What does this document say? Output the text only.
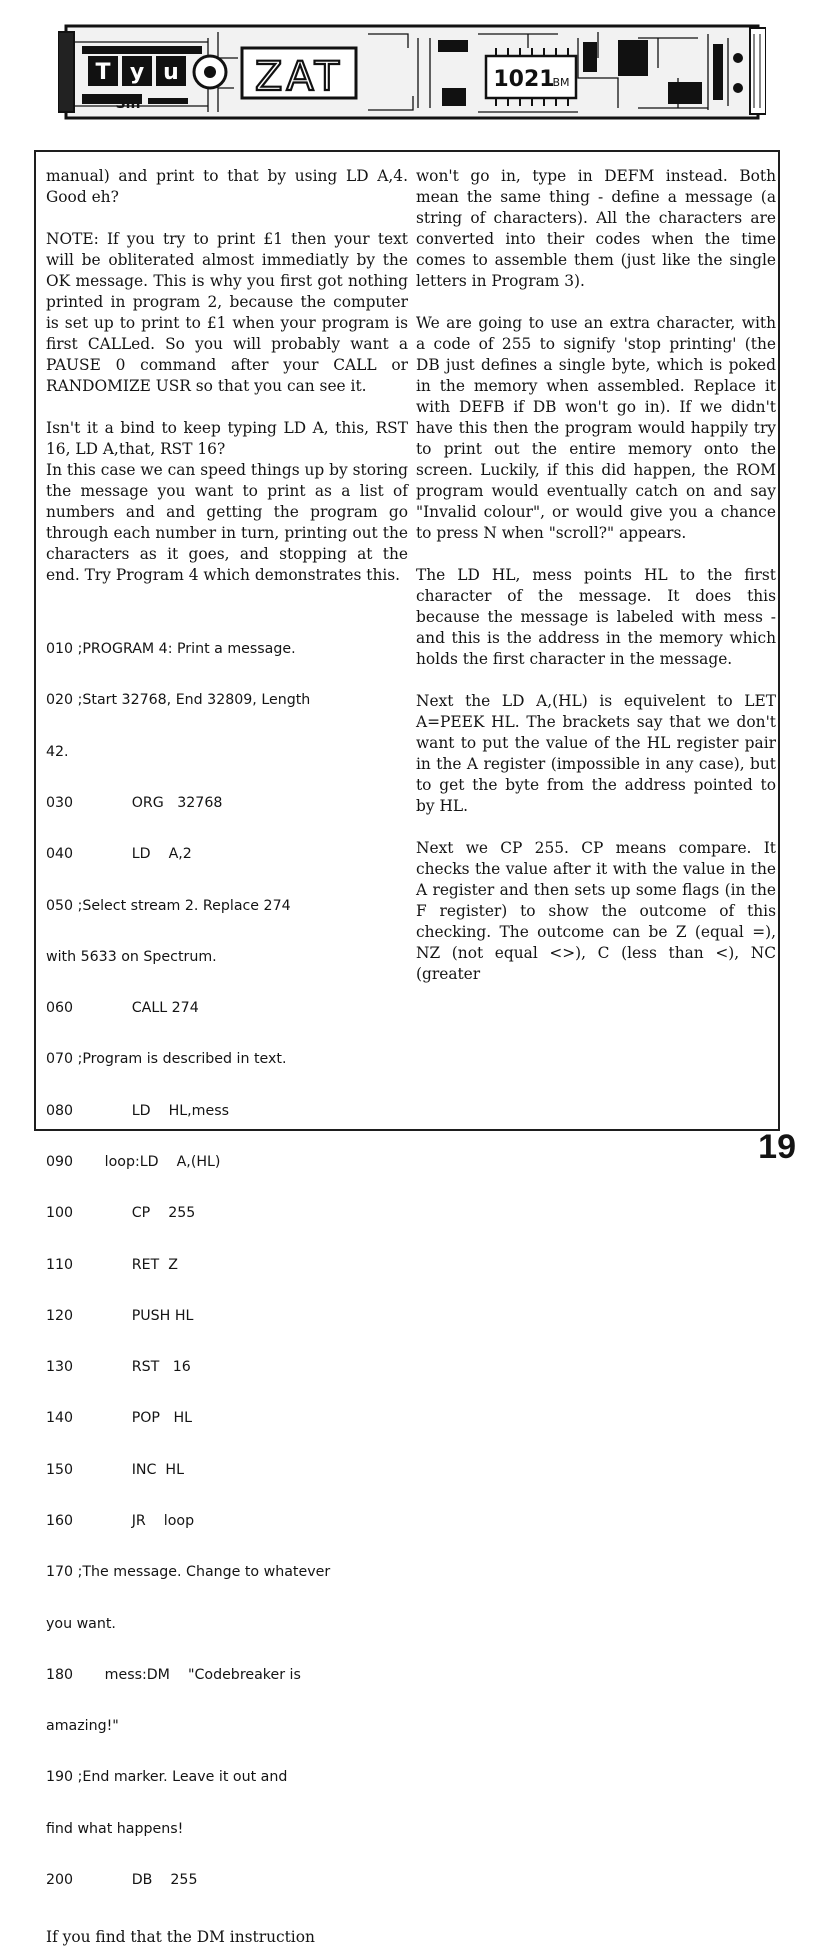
T y u
Sin
ZAT	1021
BM

manual) and print to that by using LD A,4. Good eh?

NOTE: If you try to print £1 then your text will be obliterated almost immediatly by the OK message. This is why you first got nothing printed in program 2, because the computer is set up to print to £1 when your program is first CALLed. So you will probably want a PAUSE 0 command after your CALL or RANDOMIZE USR so that you can see it.

Isn't it a bind to keep typing LD A, this, RST 16, LD A,that, RST 16?

In this case we can speed things up by storing the message you want to print as a list of numbers and and getting the program go through each number in turn, printing out the characters as it goes, and stopping at the end. Try Program 4 which demonstrates this.

010 ;PROGRAM 4: Print a message.

020 ;Start 32768, End 32809, Length

42.

030             ORG   32768

040             LD    A,2

050 ;Select stream 2. Replace 274

with 5633 on Spectrum.

060             CALL 274

070 ;Program is described in text.

080             LD    HL,mess

090       loop:LD    A,(HL)

100             CP    255

110             RET  Z

120             PUSH HL

130             RST   16

140             POP   HL

150             INC  HL

160             JR    loop

170 ;The message. Change to whatever

you want.

180       mess:DM    "Codebreaker is

amazing!"

190 ;End marker. Leave it out and

find what happens!

200             DB    255

If you find that the DM instruction

won't go in, type in DEFM instead. Both mean the same thing - define a message (a string of characters). All the characters are converted into their codes when the time comes to assemble them (just like the single letters in Program 3).

We are going to use an extra character, with a code of 255 to signify 'stop printing' (the DB just defines a single byte, which is poked in the memory when assembled. Replace it with DEFB if DB won't go in). If we didn't have this then the program would happily try to print out the entire memory onto the screen. Luckily, if this did happen, the ROM program would eventually catch on and say "Invalid colour", or would give you a chance to press N when "scroll?" appears.

The LD HL, mess points HL to the first character of the message. It does this because the message is labeled with mess - and this is the address in the memory which holds the first character in the message.

Next the LD A,(HL) is equivelent to LET A=PEEK HL. The brackets say that we don't want to put the value of the HL register pair in the A register (impossible in any case), but to get the byte from the address pointed to by HL.

Next we CP 255. CP means compare. It checks the value after it with the value in the A register and then sets up some flags (in the F register) to show the outcome of this checking. The outcome can be Z (equal =), NZ (not equal <>), C (less than <), NC (greater

19
